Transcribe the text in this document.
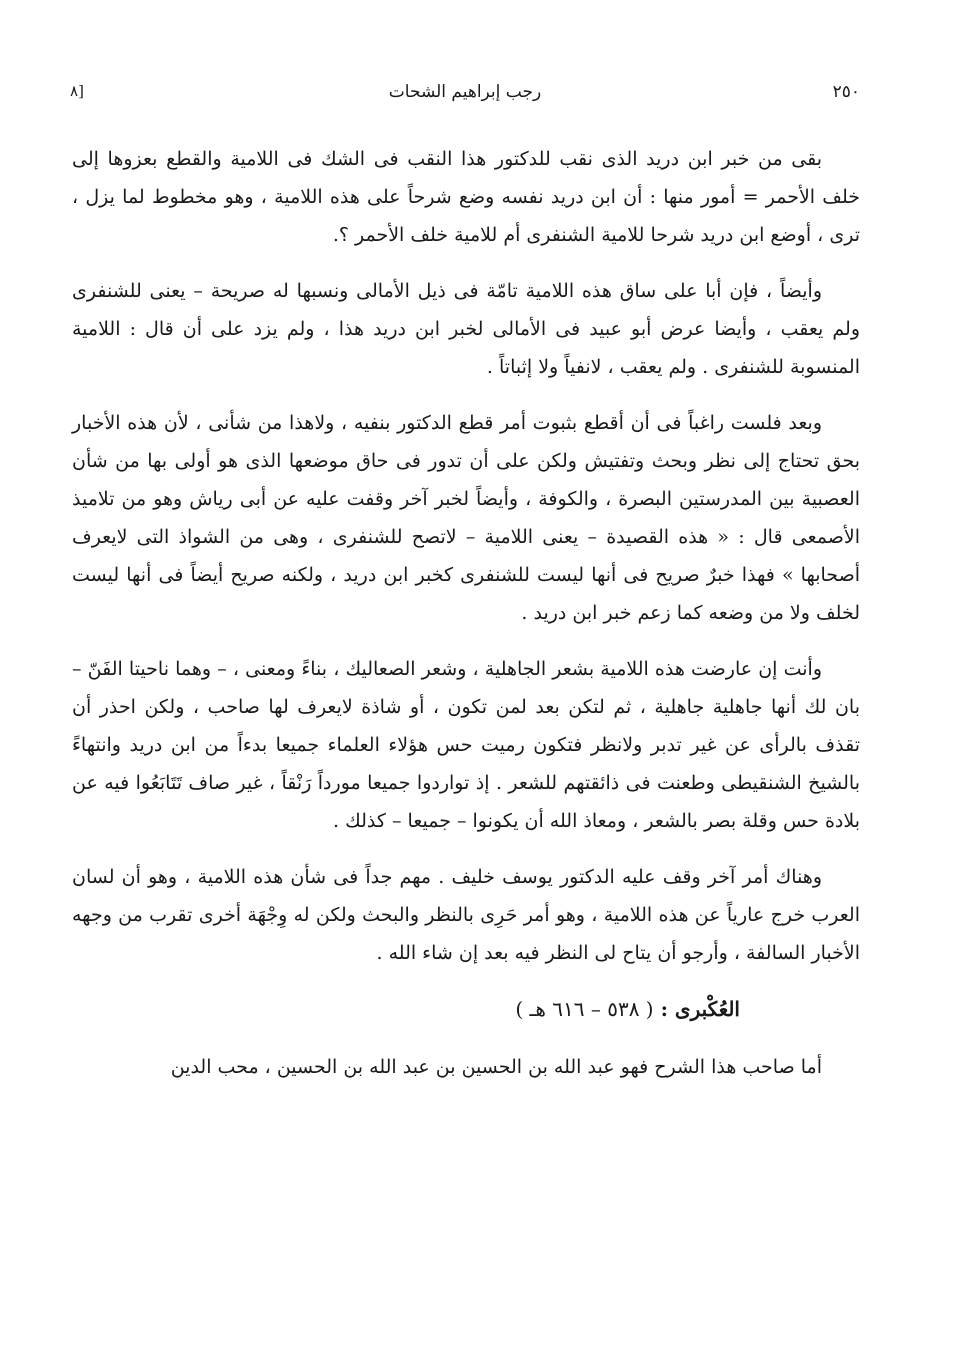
٢٥٠
رجب إبراهيم الشحات
٨]

بقى من خبر ابن دريد الذى نقب للدكتور هذا النقب فى الشك فى اللامية والقطع بعزوها إلى خلف الأحمر = أمور منها : أن ابن دريد نفسه وضع شرحاً على هذه اللامية ، وهو مخطوط لما يزل ، ترى ، أوضع ابن دريد شرحا للامية الشنفرى أم للامية خلف الأحمر ؟.

وأيضاً ، فإن أبا على ساق هذه اللامية تامّة فى ذيل الأمالى ونسبها له صريحة – يعنى للشنفرى ولم يعقب ، وأيضا عرض أبو عبيد فى الأمالى لخبر ابن دريد هذا ، ولم يزد على أن قال : اللامية المنسوبة للشنفرى . ولم يعقب ، لانفياً ولا إثباتاً .

وبعد فلست راغباً فى أن أقطع بثبوت أمر قطع الدكتور بنفيه ، ولاهذا من شأنى ، لأن هذه الأخبار بحق تحتاج إلى نظر وبحث وتفتيش ولكن على أن تدور فى حاق موضعها الذى هو أولى بها من شأن العصبية بين المدرستين البصرة ، والكوفة ، وأيضاً لخبر آخر وقفت عليه عن أبى رياش وهو من تلاميذ الأصمعى قال : « هذه القصيدة – يعنى اللامية – لاتصح للشنفرى ، وهى من الشواذ التى لايعرف أصحابها » فهذا خبرٌ صريح فى أنها ليست للشنفرى كخبر ابن دريد ، ولكنه صريح أيضاً فى أنها ليست لخلف ولا من وضعه كما زعم خبر ابن دريد .

وأنت إن عارضت هذه اللامية بشعر الجاهلية ، وشعر الصعاليك ، بناءً ومعنى ، – وهما ناحيتا الفَنّ – بان لك أنها جاهلية جاهلية ، ثم لتكن بعد لمن تكون ، أو شاذة لايعرف لها صاحب ، ولكن احذر أن تقذف بالرأى عن غير تدبر ولانظر فتكون رميت حس هؤلاء العلماء جميعا بدءاً من ابن دريد وانتهاءً بالشيخ الشنقيطى وطعنت فى ذائقتهم للشعر . إذ تواردوا جميعا مورداً رَنْقاً ، غير صاف تَتَابَعُوا فيه عن بلادة حس وقلة بصر بالشعر ، ومعاذ الله أن يكونوا – جميعا – كذلك .

وهناك أمر آخر وقف عليه الدكتور يوسف خليف . مهم جداً فى شأن هذه اللامية ، وهو أن لسان العرب خرج عارياً عن هذه اللامية ، وهو أمر حَرِى بالنظر والبحث ولكن له وِجْهَة أخرى تقرب من وجهه الأخبار السالفة ، وأرجو أن يتاح لى النظر فيه بعد إن شاء الله .

العُكْبرى : ( ٥٣٨ – ٦١٦ هـ )

أما صاحب هذا الشرح فهو عبد الله بن الحسين بن عبد الله بن الحسين ، محب الدين
